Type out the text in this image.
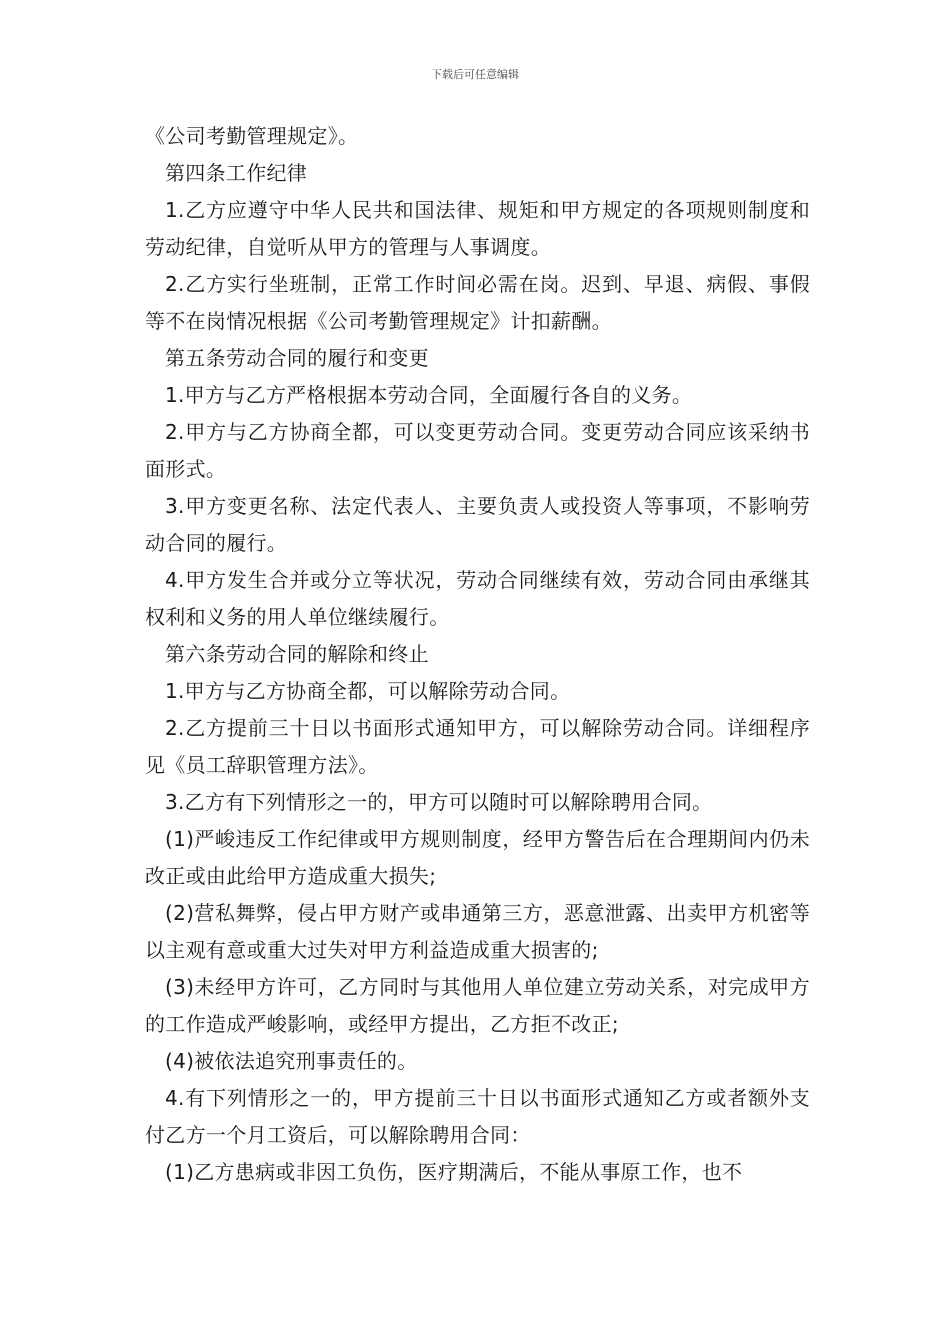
下载后可任意编辑

《公司考勤管理规定》。

第四条工作纪律

1.乙方应遵守中华人民共和国法律、规矩和甲方规定的各项规则制度和劳动纪律，自觉听从甲方的管理与人事调度。

2.乙方实行坐班制，正常工作时间必需在岗。迟到、早退、病假、事假等不在岗情况根据《公司考勤管理规定》计扣薪酬。

第五条劳动合同的履行和变更

1.甲方与乙方严格根据本劳动合同，全面履行各自的义务。

2.甲方与乙方协商全都，可以变更劳动合同。变更劳动合同应该采纳书面形式。

3.甲方变更名称、法定代表人、主要负责人或投资人等事项，不影响劳动合同的履行。

4.甲方发生合并或分立等状况，劳动合同继续有效，劳动合同由承继其权利和义务的用人单位继续履行。

第六条劳动合同的解除和终止

1.甲方与乙方协商全都，可以解除劳动合同。

2.乙方提前三十日以书面形式通知甲方，可以解除劳动合同。详细程序见《员工辞职管理方法》。

3.乙方有下列情形之一的，甲方可以随时可以解除聘用合同。

(1)严峻违反工作纪律或甲方规则制度，经甲方警告后在合理期间内仍未改正或由此给甲方造成重大损失;

(2)营私舞弊，侵占甲方财产或串通第三方，恶意泄露、出卖甲方机密等以主观有意或重大过失对甲方利益造成重大损害的;

(3)未经甲方许可，乙方同时与其他用人单位建立劳动关系，对完成甲方的工作造成严峻影响，或经甲方提出，乙方拒不改正;

(4)被依法追究刑事责任的。

4.有下列情形之一的，甲方提前三十日以书面形式通知乙方或者额外支付乙方一个月工资后，可以解除聘用合同：

(1)乙方患病或非因工负伤，医疗期满后，不能从事原工作，也不
